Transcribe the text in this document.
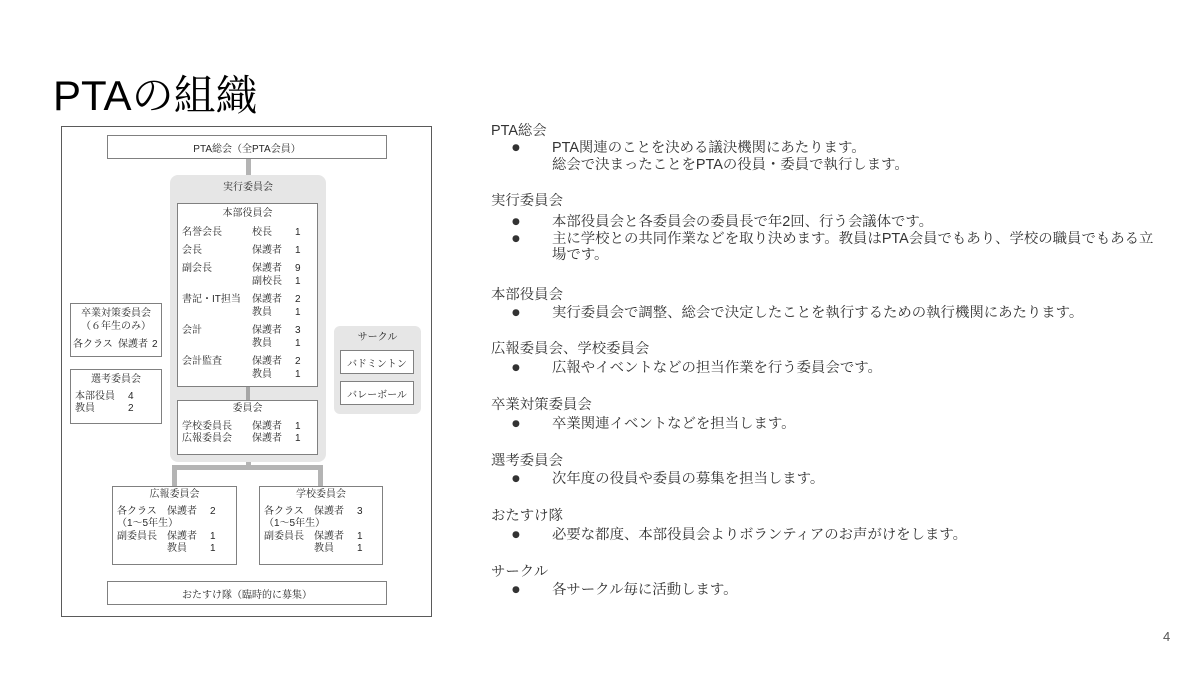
PTAの組織
PTA総会（全PTA会員）
実行委員会
本部役員会
名誉会長	校長	1
会長	保護者	1
副会長	保護者	9
副校長	1
書記・IT担当	保護者	2
教員	1
会計	保護者	3
教員	1
会計監査	保護者	2
教員	1
委員会
学校委員長	保護者	1
広報委員会	保護者	1
卒業対策委員会
（６年生のみ）
各クラス 保護者 2
選考委員会
本部役員	4
教員	2
サークル
バドミントン
バレーボール
広報委員会
各クラス	保護者	2
（1～5年生）
副委員長	保護者	1
教員	1
学校委員会
各クラス	保護者	3
（1～5年生）
副委員長	保護者	1
教員	1
おたすけ隊（臨時的に募集）
PTA総会
● PTA関連のことを決める議決機関にあたります。
総会で決まったことをPTAの役員・委員で執行します。
実行委員会
● 本部役員会と各委員会の委員長で年2回、行う会議体です。
● 主に学校との共同作業などを取り決めます。教員はPTA会員でもあり、学校の職員でもある立場です。
本部役員会
● 実行委員会で調整、総会で決定したことを執行するための執行機関にあたります。
広報委員会、学校委員会
● 広報やイベントなどの担当作業を行う委員会です。
卒業対策委員会
● 卒業関連イベントなどを担当します。
選考委員会
● 次年度の役員や委員の募集を担当します。
おたすけ隊
● 必要な都度、本部役員会よりボランティアのお声がけをします。
サークル
● 各サークル毎に活動します。
4
